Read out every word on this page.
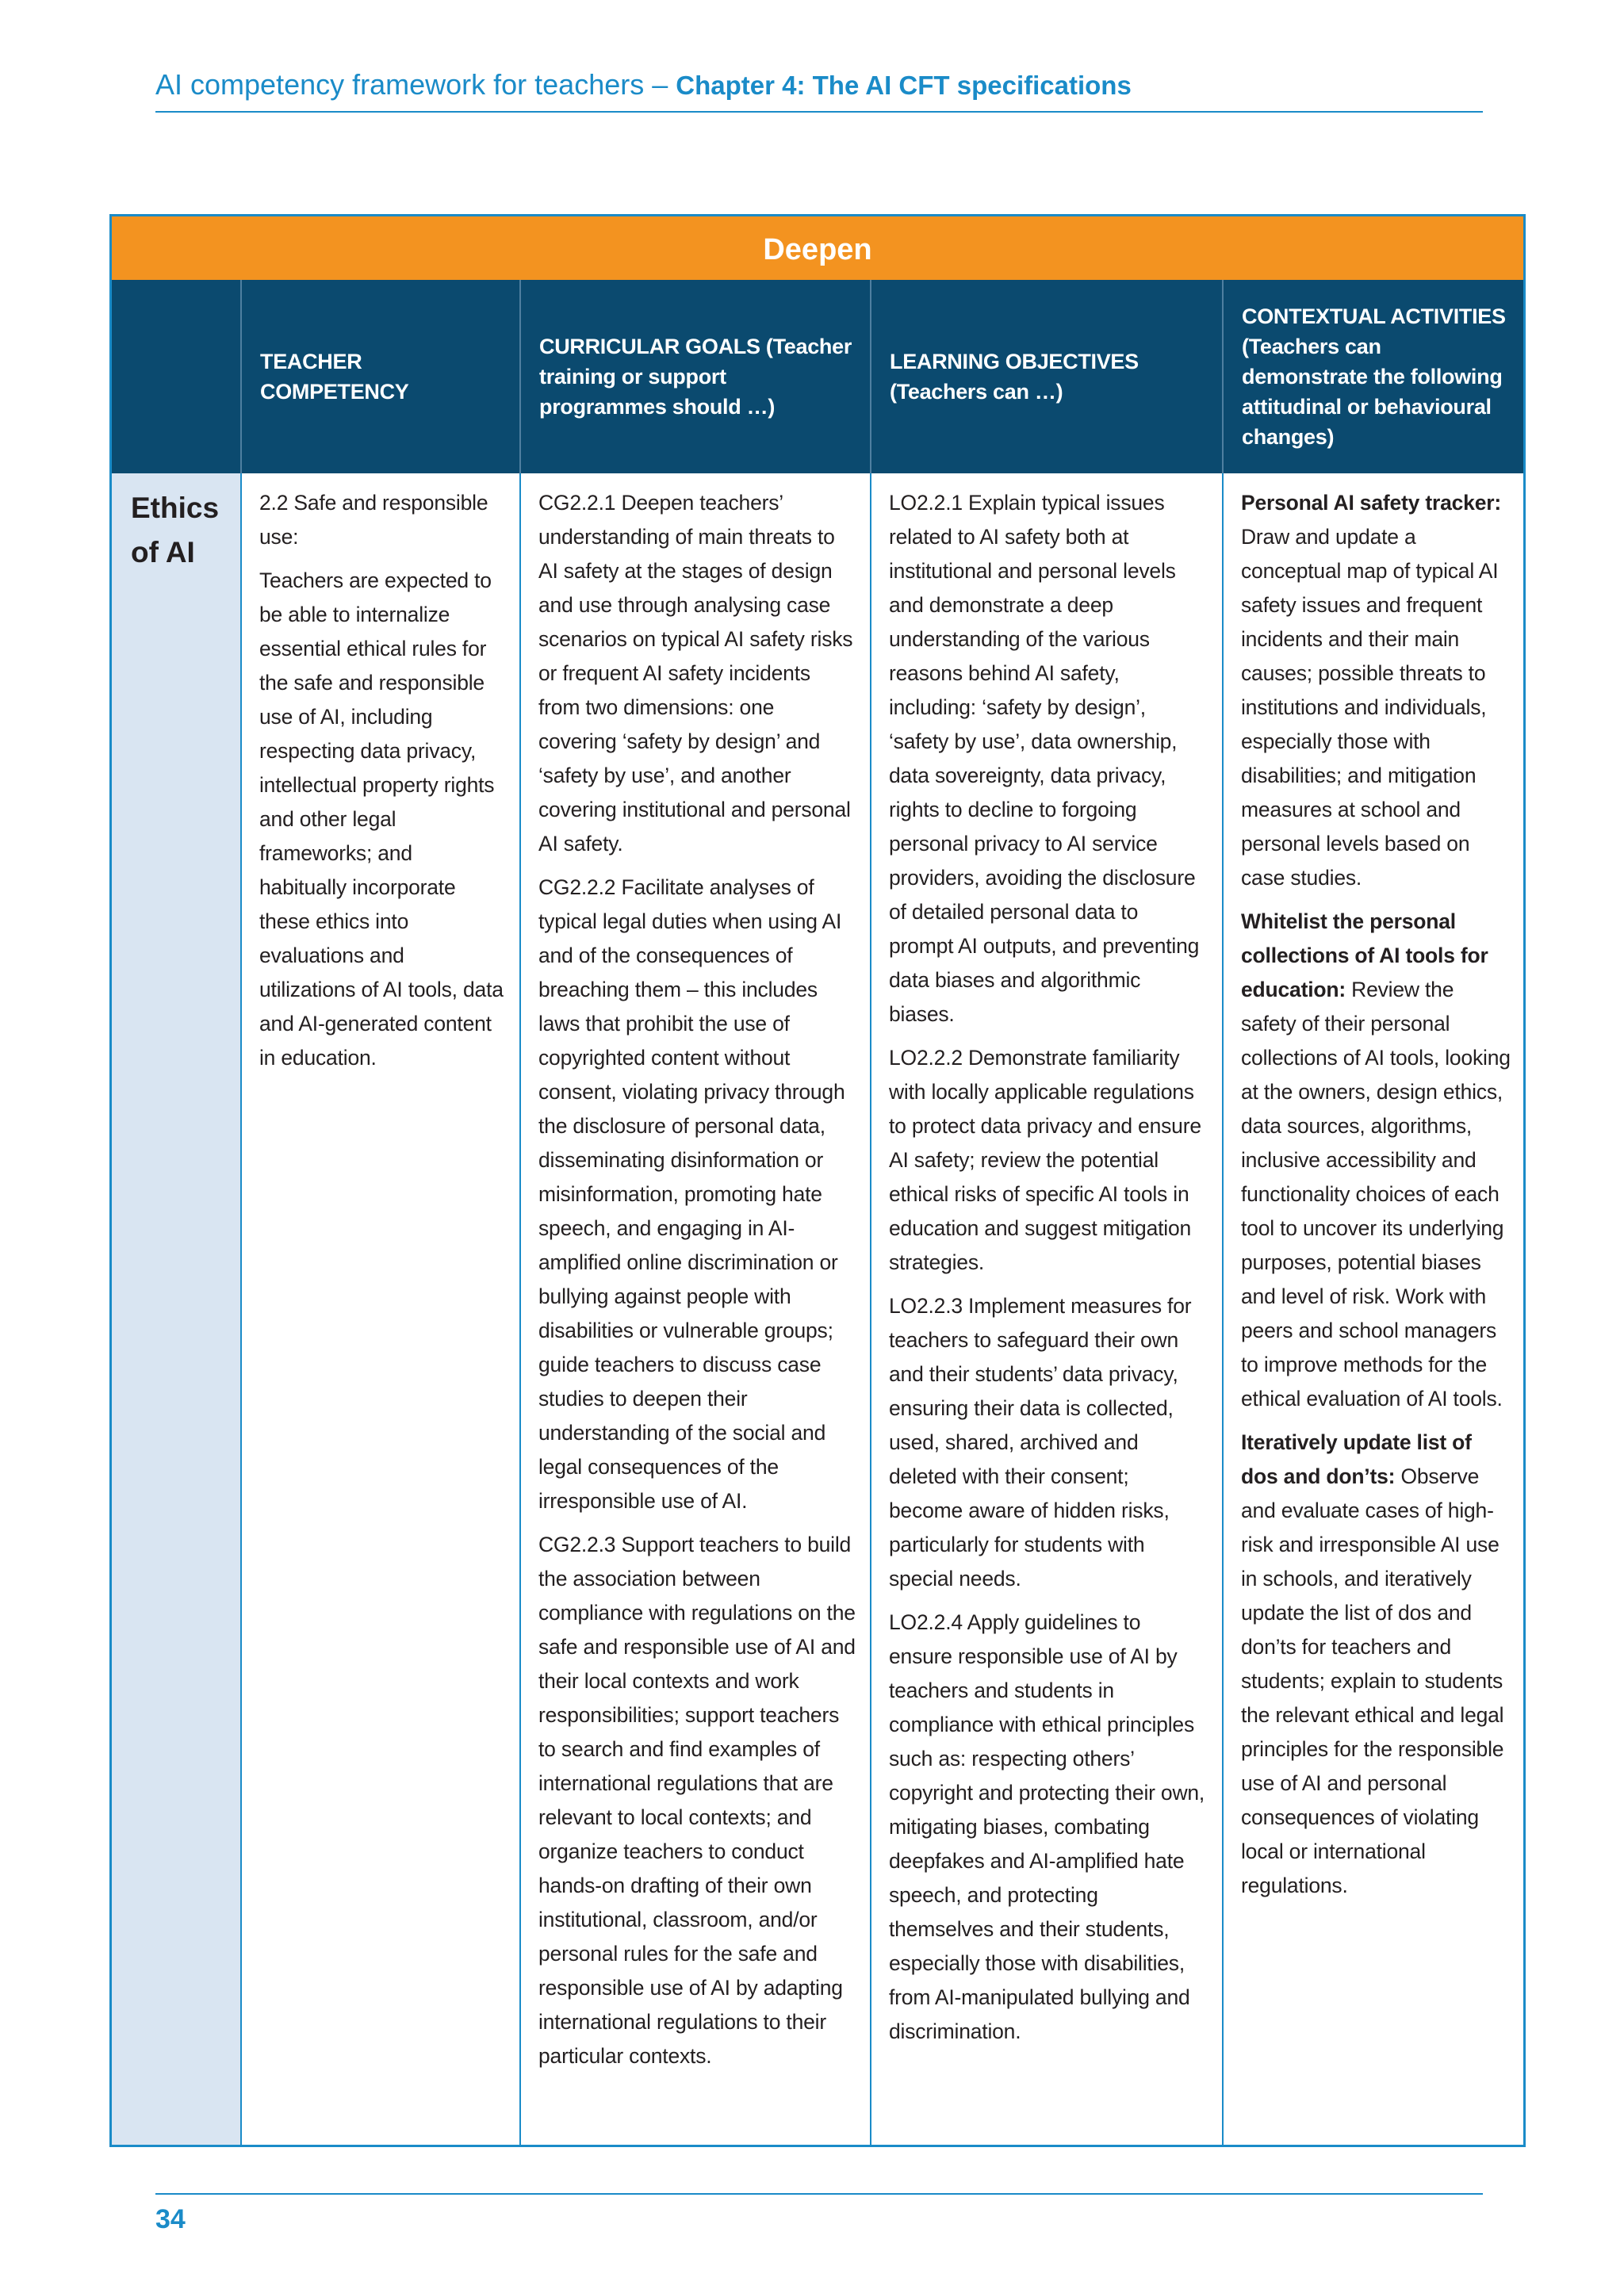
AI competency framework for teachers – Chapter 4: The AI CFT specifications
Deepen
TEACHER COMPETENCY
CURRICULAR GOALS (Teacher training or support programmes should …)
LEARNING OBJECTIVES (Teachers can …)
CONTEXTUAL ACTIVITIES (Teachers can demonstrate the following attitudinal or behavioural changes)
Ethics of AI

2.2 Safe and responsible use:

Teachers are expected to be able to internalize essential ethical rules for the safe and responsible use of AI, including respecting data privacy, intellectual property rights and other legal frameworks; and habitually incorporate these ethics into evaluations and utilizations of AI tools, data and AI-generated content in education.

CG2.2.1 Deepen teachers’ understanding of main threats to AI safety at the stages of design and use through analysing case scenarios on typical AI safety risks or frequent AI safety incidents from two dimensions: one covering ‘safety by design’ and ‘safety by use’, and another covering institutional and personal AI safety.

CG2.2.2 Facilitate analyses of typical legal duties when using AI and of the consequences of breaching them – this includes laws that prohibit the use of copyrighted content without consent, violating privacy through the disclosure of personal data, disseminating disinformation or misinformation, promoting hate speech, and engaging in AI-amplified online discrimination or bullying against people with disabilities or vulnerable groups; guide teachers to discuss case studies to deepen their understanding of the social and legal consequences of the irresponsible use of AI.

CG2.2.3 Support teachers to build the association between compliance with regulations on the safe and responsible use of AI and their local contexts and work responsibilities; support teachers to search and find examples of international regulations that are relevant to local contexts; and organize teachers to conduct hands-on drafting of their own institutional, classroom, and/or personal rules for the safe and responsible use of AI by adapting international regulations to their particular contexts.

LO2.2.1 Explain typical issues related to AI safety both at institutional and personal levels and demonstrate a deep understanding of the various reasons behind AI safety, including: ‘safety by design’, ‘safety by use’, data ownership, data sovereignty, data privacy, rights to decline to forgoing personal privacy to AI service providers, avoiding the disclosure of detailed personal data to prompt AI outputs, and preventing data biases and algorithmic biases.

LO2.2.2 Demonstrate familiarity with locally applicable regulations to protect data privacy and ensure AI safety; review the potential ethical risks of specific AI tools in education and suggest mitigation strategies.

LO2.2.3 Implement measures for teachers to safeguard their own and their students’ data privacy, ensuring their data is collected, used, shared, archived and deleted with their consent; become aware of hidden risks, particularly for students with special needs.

LO2.2.4 Apply guidelines to ensure responsible use of AI by teachers and students in compliance with ethical principles such as: respecting others’ copyright and protecting their own, mitigating biases, combating deepfakes and AI-amplified hate speech, and protecting themselves and their students, especially those with disabilities, from AI-manipulated bullying and discrimination.

Personal AI safety tracker: Draw and update a conceptual map of typical AI safety issues and frequent incidents and their main causes; possible threats to institutions and individuals, especially those with disabilities; and mitigation measures at school and personal levels based on case studies.

Whitelist the personal collections of AI tools for education: Review the safety of their personal collections of AI tools, looking at the owners, design ethics, data sources, algorithms, inclusive accessibility and functionality choices of each tool to uncover its underlying purposes, potential biases and level of risk. Work with peers and school managers to improve methods for the ethical evaluation of AI tools.

Iteratively update list of dos and don’ts: Observe and evaluate cases of high-risk and irresponsible AI use in schools, and iteratively update the list of dos and don’ts for teachers and students; explain to students the relevant ethical and legal principles for the responsible use of AI and personal consequences of violating local or international regulations.

34
